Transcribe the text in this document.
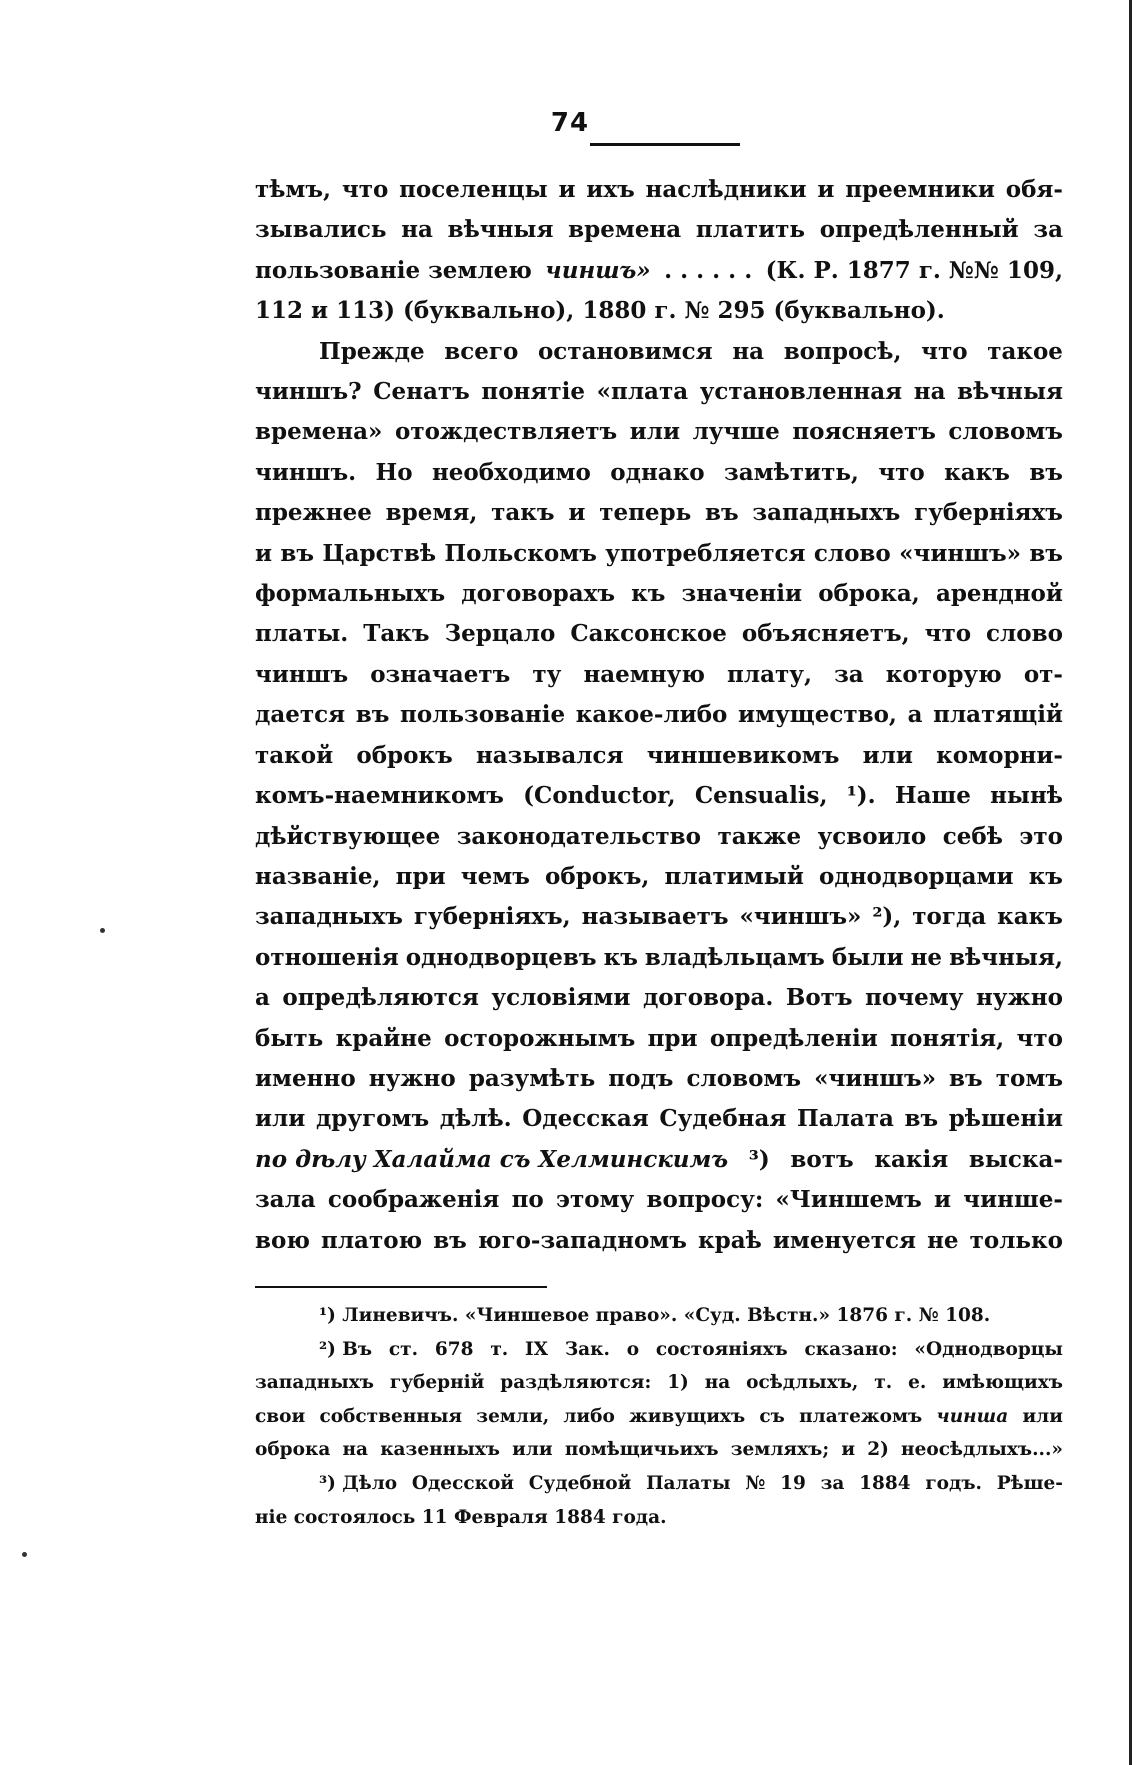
74
тѣмъ, что поселенцы и ихъ наслѣдники и преемники обя-
зывались на вѣчныя времена платить опредѣленный за
пользованіе землею чиншъ» . . . . . . (К. Р. 1877 г. №№ 109,
112 и 113) (буквально), 1880 г. № 295 (буквально).
Прежде всего остановимся на вопросѣ, что такое
чиншъ? Сенатъ понятіе «плата установленная на вѣчныя
времена» отождествляетъ или лучше поясняетъ словомъ
чиншъ. Но необходимо однако замѣтить, что какъ въ
прежнее время, такъ и теперь въ западныхъ губерніяхъ
и въ Царствѣ Польскомъ употребляется слово «чиншъ» въ
формальныхъ договорахъ къ значеніи оброка, арендной
платы. Такъ Зерцало Саксонское объясняетъ, что слово
чиншъ означаетъ ту наемную плату, за которую от-
дается въ пользованіе какое-либо имущество, а платящій
такой оброкъ назывался чиншевикомъ или коморни-
комъ-наемникомъ (Conductor, Censualis, ¹). Наше нынѣ
дѣйствующее законодательство также усвоило себѣ это
названіе, при чемъ оброкъ, платимый однодворцами къ
западныхъ губерніяхъ, называетъ «чиншъ» ²), тогда какъ
отношенія однодворцевъ къ владѣльцамъ были не вѣчныя,
а опредѣляются условіями договора. Вотъ почему нужно
быть крайне осторожнымъ при опредѣленіи понятія, что
именно нужно разумѣть подъ словомъ «чиншъ» въ томъ
или другомъ дѣлѣ. Одесская Судебная Палата въ рѣшеніи
по дѣлу Халайма съ Хелминскимъ ³) вотъ какія выска-
зала соображенія по этому вопросу: «Чиншемъ и чинше-
вою платою въ юго-западномъ краѣ именуется не только
¹) Линевичъ. «Чиншевое право». «Суд. Вѣстн.» 1876 г. № 108.
²) Въ ст. 678 т. IX Зак. о состояніяхъ сказано: «Однодворцы
западныхъ губерній раздѣляются: 1) на осѣдлыхъ, т. е. имѣющихъ
свои собственныя земли, либо живущихъ съ платежомъ чинша или
оброка на казенныхъ или помѣщичьихъ земляхъ; и 2) неосѣдлыхъ...»
³) Дѣло Одесской Судебной Палаты № 19 за 1884 годъ. Рѣше-
ніе состоялось 11 Февраля 1884 года.
